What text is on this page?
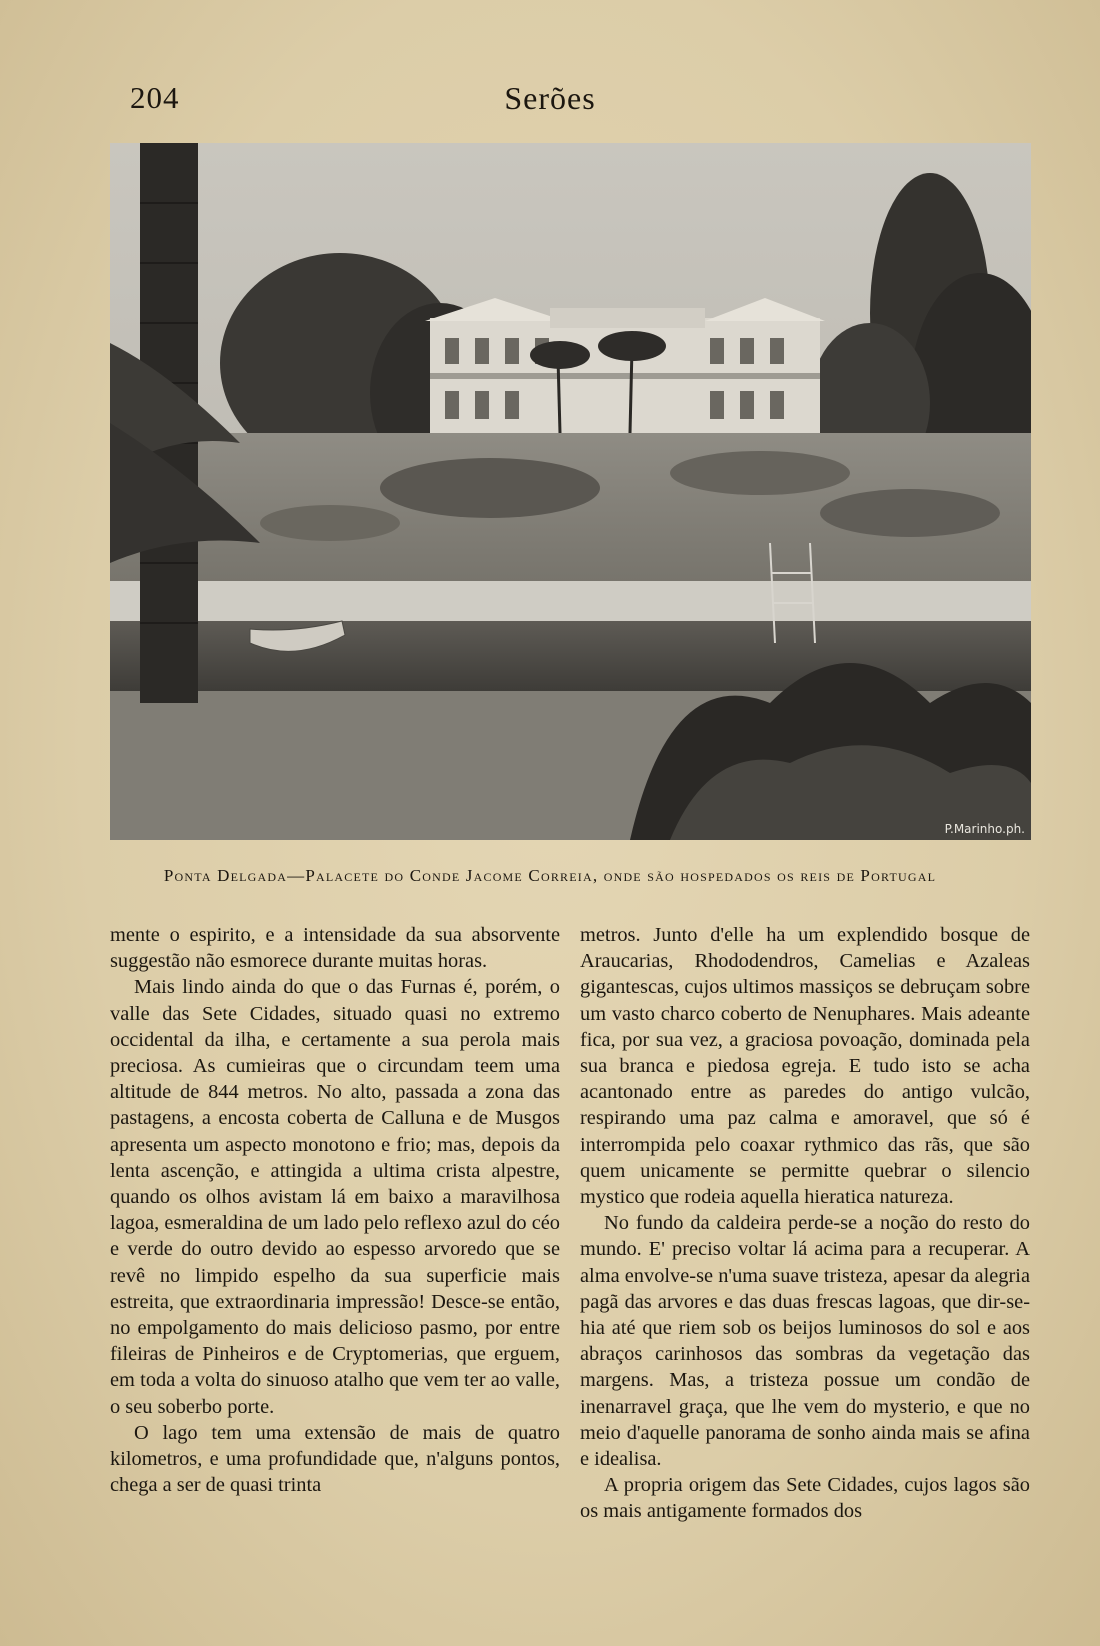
204	Serões
P.Marinho.ph.
Ponta Delgada—Palacete do Conde Jacome Correia, onde são hospedados os reis de Portugal

mente o espirito, e a intensidade da sua absorvente suggestão não esmorece durante muitas horas.

Mais lindo ainda do que o das Furnas é, porém, o valle das Sete Cidades, situado quasi no extremo occidental da ilha, e certamente a sua perola mais preciosa. As cumieiras que o circundam teem uma altitude de 844 metros. No alto, passada a zona das pastagens, a encosta coberta de Calluna e de Musgos apresenta um aspecto monotono e frio; mas, depois da lenta ascenção, e attingida a ultima crista alpestre, quando os olhos avistam lá em baixo a maravilhosa lagoa, esmeraldina de um lado pelo reflexo azul do céo e verde do outro devido ao espesso arvoredo que se revê no limpido espelho da sua superficie mais estreita, que extraordinaria impressão! Desce-se então, no empolgamento do mais delicioso pasmo, por entre fileiras de Pinheiros e de Cryptomerias, que erguem, em toda a volta do sinuoso atalho que vem ter ao valle, o seu soberbo porte.

O lago tem uma extensão de mais de quatro kilometros, e uma profundidade que, n'alguns pontos, chega a ser de quasi trinta

metros. Junto d'elle ha um explendido bosque de Araucarias, Rhododendros, Camelias e Azaleas gigantescas, cujos ultimos massiços se debruçam sobre um vasto charco coberto de Nenuphares. Mais adeante fica, por sua vez, a graciosa povoação, dominada pela sua branca e piedosa egreja. E tudo isto se acha acantonado entre as paredes do antigo vulcão, respirando uma paz calma e amoravel, que só é interrompida pelo coaxar rythmico das rãs, que são quem unicamente se permitte quebrar o silencio mystico que rodeia aquella hieratica natureza.

No fundo da caldeira perde-se a noção do resto do mundo. E' preciso voltar lá acima para a recuperar. A alma envolve-se n'uma suave tristeza, apesar da alegria pagã das arvores e das duas frescas lagoas, que dir-se-hia até que riem sob os beijos luminosos do sol e aos abraços carinhosos das sombras da vegetação das margens. Mas, a tristeza possue um condão de inenarravel graça, que lhe vem do mysterio, e que no meio d'aquelle panorama de sonho ainda mais se afina e idealisa.

A propria origem das Sete Cidades, cujos lagos são os mais antigamente formados dos
